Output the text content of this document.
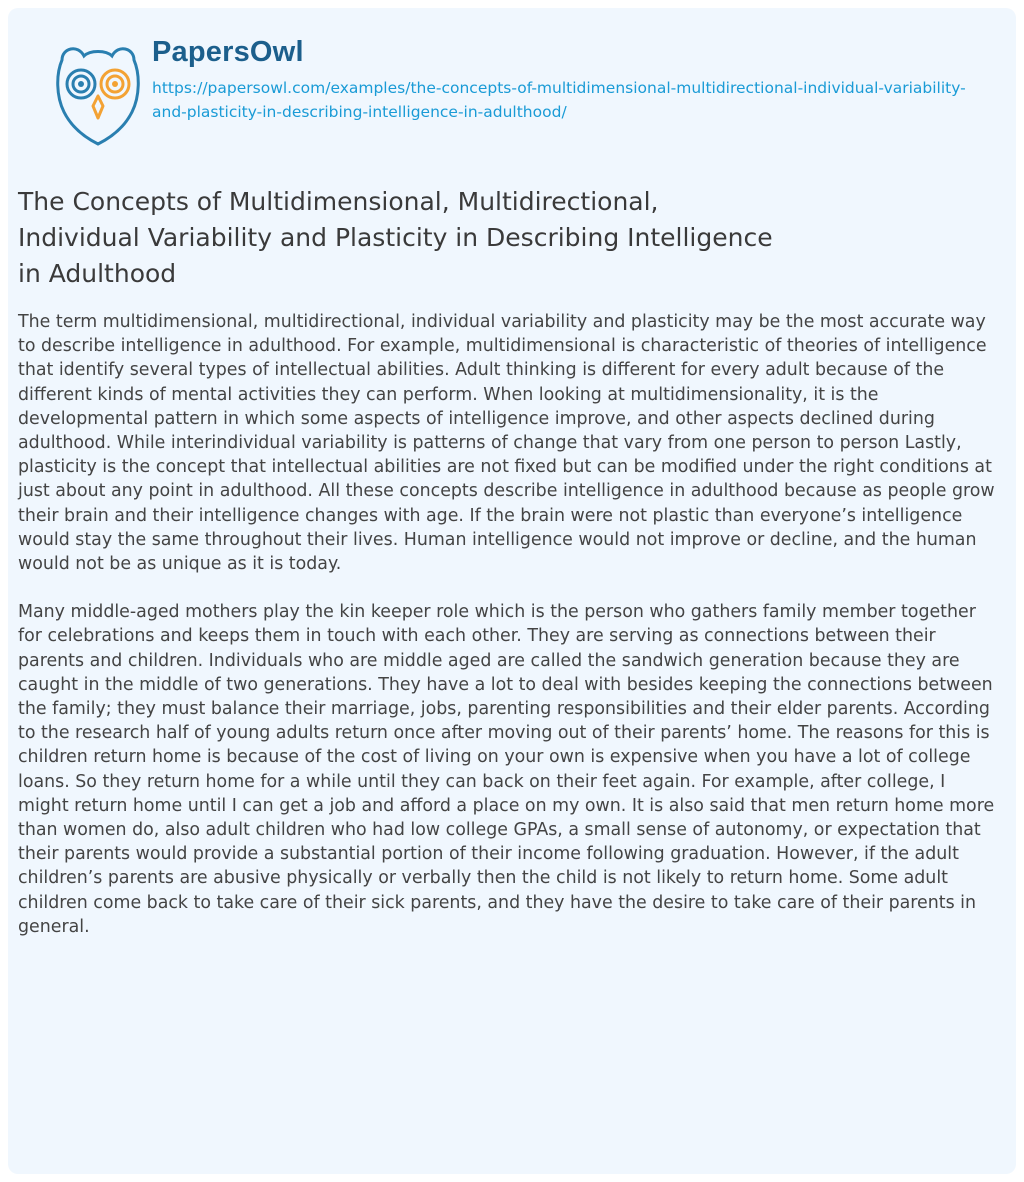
PapersOwl
https://papersowl.com/examples/the-concepts-of-multidimensional-multidirectional-individual-variability-and-plasticity-in-describing-intelligence-in-adulthood/
The Concepts of Multidimensional, Multidirectional, Individual Variability and Plasticity in Describing Intelligence in Adulthood

The term multidimensional, multidirectional, individual variability and plasticity may be the most accurate way to describe intelligence in adulthood. For example, multidimensional is characteristic of theories of intelligence that identify several types of intellectual abilities. Adult thinking is different for every adult because of the different kinds of mental activities they can perform. When looking at multidimensionality, it is the developmental pattern in which some aspects of intelligence improve, and other aspects declined during adulthood. While interindividual variability is patterns of change that vary from one person to person Lastly, plasticity is the concept that intellectual abilities are not fixed but can be modified under the right conditions at just about any point in adulthood. All these concepts describe intelligence in adulthood because as people grow their brain and their intelligence changes with age. If the brain were not plastic than everyone’s intelligence would stay the same throughout their lives. Human intelligence would not improve or decline, and the human would not be as unique as it is today.

Many middle-aged mothers play the kin keeper role which is the person who gathers family member together for celebrations and keeps them in touch with each other. They are serving as connections between their parents and children. Individuals who are middle aged are called the sandwich generation because they are caught in the middle of two generations. They have a lot to deal with besides keeping the connections between the family; they must balance their marriage, jobs, parenting responsibilities and their elder parents. According to the research half of young adults return once after moving out of their parents’ home. The reasons for this is children return home is because of the cost of living on your own is expensive when you have a lot of college loans. So they return home for a while until they can back on their feet again. For example, after college, I might return home until I can get a job and afford a place on my own. It is also said that men return home more than women do, also adult children who had low college GPAs, a small sense of autonomy, or expectation that their parents would provide a substantial portion of their income following graduation. However, if the adult children’s parents are abusive physically or verbally then the child is not likely to return home. Some adult children come back to take care of their sick parents, and they have the desire to take care of their parents in general.
